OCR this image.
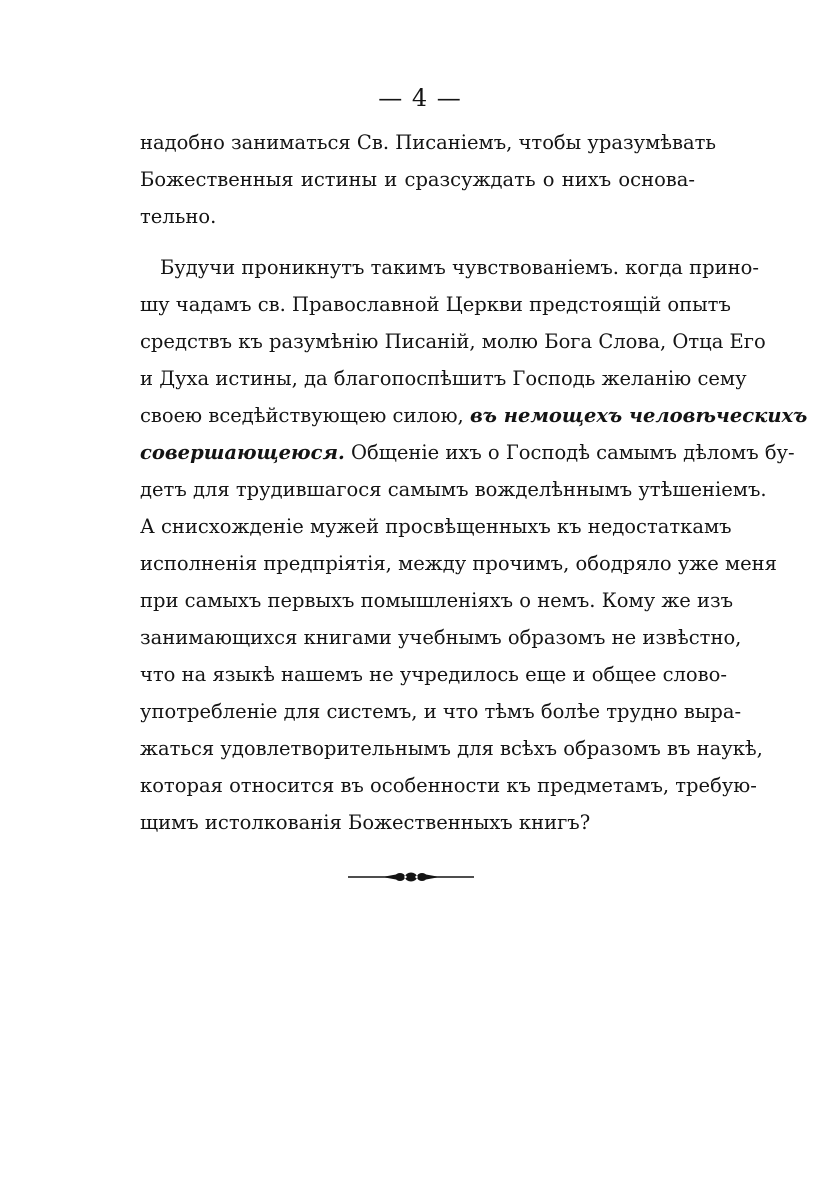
— 4 —
надобно заниматься Св. Писаніемъ, чтобы уразумѣвать
Божественныя истины и сразсуждать о нихъ основа-
тельно.
Будучи проникнутъ такимъ чувствованіемъ. когда прино-
шу чадамъ св. Православной Церкви предстоящій опытъ
средствъ къ разумѣнію Писаній, молю Бога Слова, Отца Его
и Духа истины, да благопоспѣшитъ Господь желанію сему
своею вседѣйствующею силою, въ немощехъ человѣческихъ
совершающеюся. Общеніе ихъ о Господѣ самымъ дѣломъ бу-
детъ для трудившагося самымъ вожделѣннымъ утѣшеніемъ.
А снисхожденіе мужей просвѣщенныхъ къ недостаткамъ
исполненія предпріятія, между прочимъ, ободряло уже меня
при самыхъ первыхъ помышленіяхъ о немъ. Кому же изъ
занимающихся книгами учебнымъ образомъ не извѣстно,
что на языкѣ нашемъ не учредилось еще и общее слово-
употребленіе для системъ, и что тѣмъ болѣе трудно выра-
жаться удовлетворительнымъ для всѣхъ образомъ въ наукѣ,
которая относится въ особенности къ предметамъ, требую-
щимъ истолкованія Божественныхъ книгъ?
